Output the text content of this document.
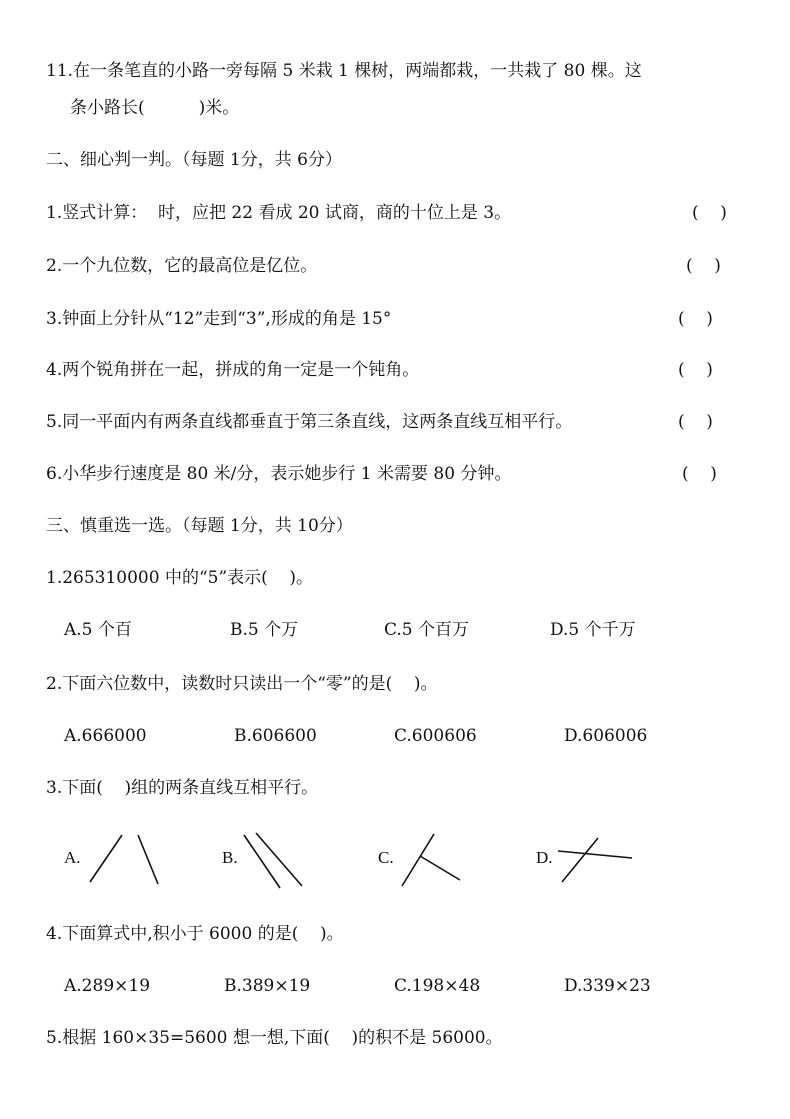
11.在一条笔直的小路一旁每隔 5 米栽 1 棵树，两端都栽，一共栽了 80 棵。这
条小路长(          )米。
二、细心判一判。（每题 1分，共 6分）
1.竖式计算：  时，应把 22 看成 20 试商，商的十位上是 3。	(    )
2.一个九位数，它的最高位是亿位。	(    )
3.钟面上分针从“12”走到“3”,形成的角是 15°	(    )
4.两个锐角拼在一起，拼成的角一定是一个钝角。	(    )
5.同一平面内有两条直线都垂直于第三条直线，这两条直线互相平行。	(    )
6.小华步行速度是 80 米/分，表示她步行 1 米需要 80 分钟。	(    )
三、慎重选一选。（每题 1分，共 10分）
1.265310000 中的“5”表示(    )。
A.5 个百	B.5 个万	C.5 个百万	D.5 个千万
2.下面六位数中，读数时只读出一个“零”的是(    )。
A.666000	B.606600	C.600606	D.606006
3.下面(    )组的两条直线互相平行。
A.	B.	C.	D.
4.下面算式中,积小于 6000 的是(    )。
A.289×19	B.389×19	C.198×48	D.339×23
5.根据 160×35=5600 想一想,下面(    )的积不是 56000。
